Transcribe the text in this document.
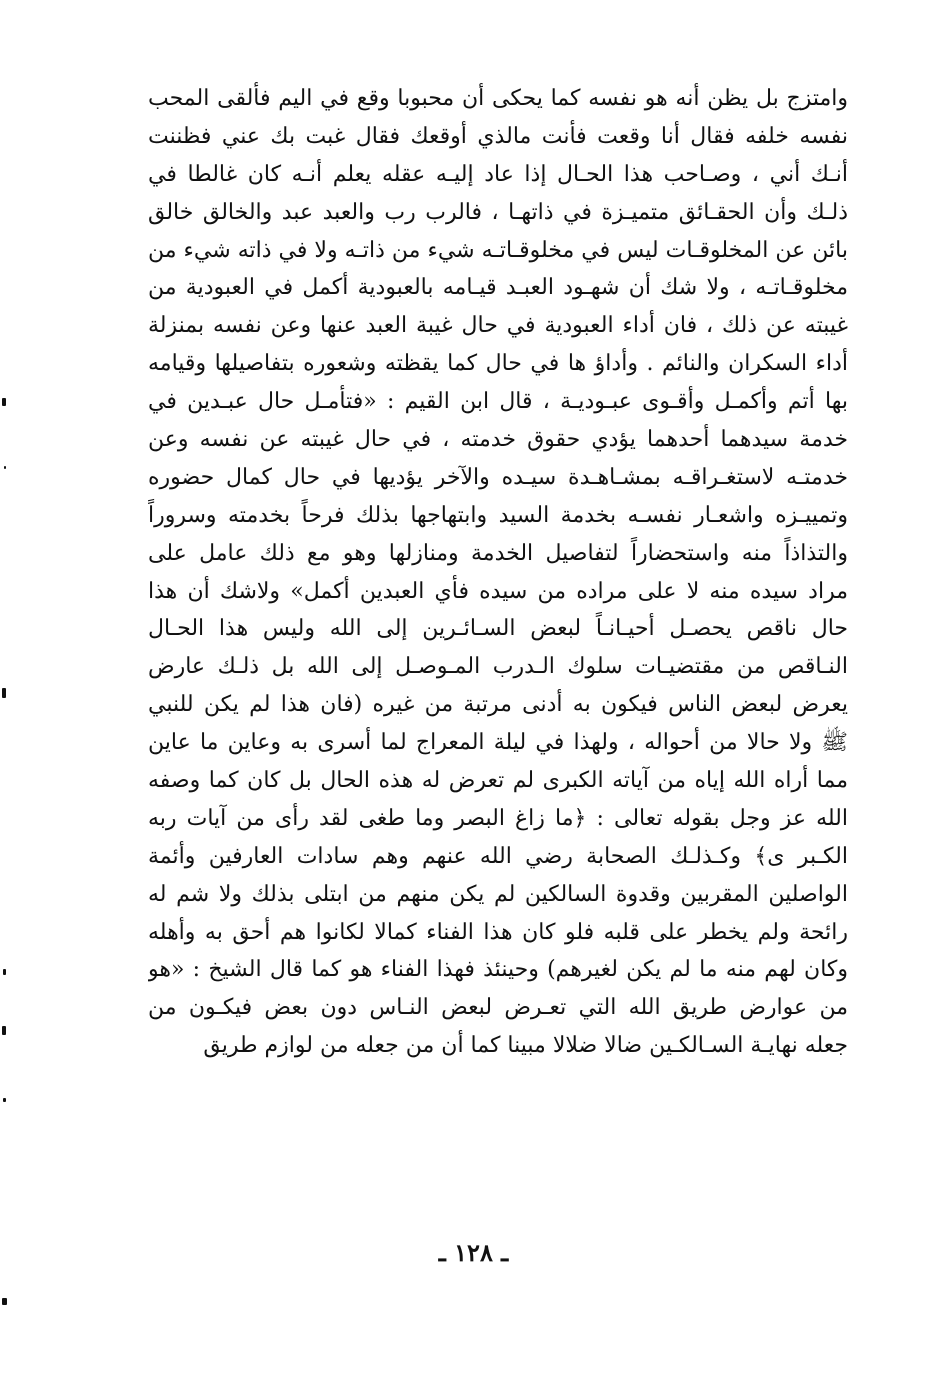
وامتزج بل يظن أنه هو نفسه كما يحكى أن محبوبا وقع في اليم فألقى المحب
نفسه خلفه فقال أنا وقعت فأنت مالذي أوقعك فقال غبت بك عني فظننت
أنـك أني ، وصـاحب هذا الحـال إذا عاد إليـه عقله يعلم أنـه كان غالطا في
ذلـك وأن الحقـائق متميـزة في ذاتهـا ، فالرب رب والعبد عبد والخالق خالق
بائن عن المخلوقـات ليس في مخلوقـاتـه شيء من ذاتـه ولا في ذاته شيء من
مخلوقـاتـه ، ولا شك أن شهـود العبـد قيـامه بالعبودية أكمل في العبودية من
غيبته عن ذلك ، فان أداء العبودية في حال غيبة العبد عنها وعن نفسه بمنزلة
أداء السكران والنائم . وأداؤ ها في حال كما يقظته وشعوره بتفاصيلها وقيامه
بها أتم وأكمـل وأقـوى عبـوديـة ، قال ابن القيم : «فتأمـل حال عبـدين في
خدمة سيدهما أحدهما يؤدي حقوق خدمته ، في حال غيبته عن نفسه وعن
خدمتـه لاستغـراقـه بمشـاهـدة سيـده والآخر يؤديها في حال كمال حضوره
وتمييـزه واشعـار نفسـه بخدمة السيد وابتهاجها بذلك فرحاً بخدمته وسروراً
والتذاذاً منه واستحضاراً لتفاصيل الخدمة ومنازلها وهو مع ذلك عامل على
مراد سيده منه لا على مراده من سيده فأي العبدين أكمل» ولاشك أن هذا
حال ناقص يحصـل أحيـانـاً لبعض السـائـرين إلى الله وليس هذا الحـال
النـاقص من مقتضيـات سلوك الـدرب المـوصـل إلى الله بل ذلـك عارض
يعرض لبعض الناس فيكون به أدنى مرتبة من غيره (فان هذا لم يكن للنبي
ﷺ ولا حالا من أحواله ، ولهذا في ليلة المعراج لما أسرى به وعاين ما عاين
مما أراه الله إياه من آياته الكبرى لم تعرض له هذه الحال بل كان كما وصفه
الله عز وجل بقوله تعالى : ﴿ما زاغ البصر وما طغى لقد رأى من آيات ربه
الكـبر ى﴾ وكـذلـك الصحابة رضي الله عنهم وهم سادات العارفين وأئمة
الواصلين المقربين وقدوة السالكين لم يكن منهم من ابتلى بذلك ولا شم له
رائحة ولم يخطر على قلبه فلو كان هذا الفناء كمالا لكانوا هم أحق به وأهله
وكان لهم منه ما لم يكن لغيرهم) وحينئذ فهذا الفناء هو كما قال الشيخ : «هو
من عوارض طريق الله التي تعـرض لبعض النـاس دون بعض فيكـون من
جعله نهايـة السـالكـين ضالا ضلالا مبينا كما أن من جعله من لوازم طريق
ـ ١٢٨ ـ
